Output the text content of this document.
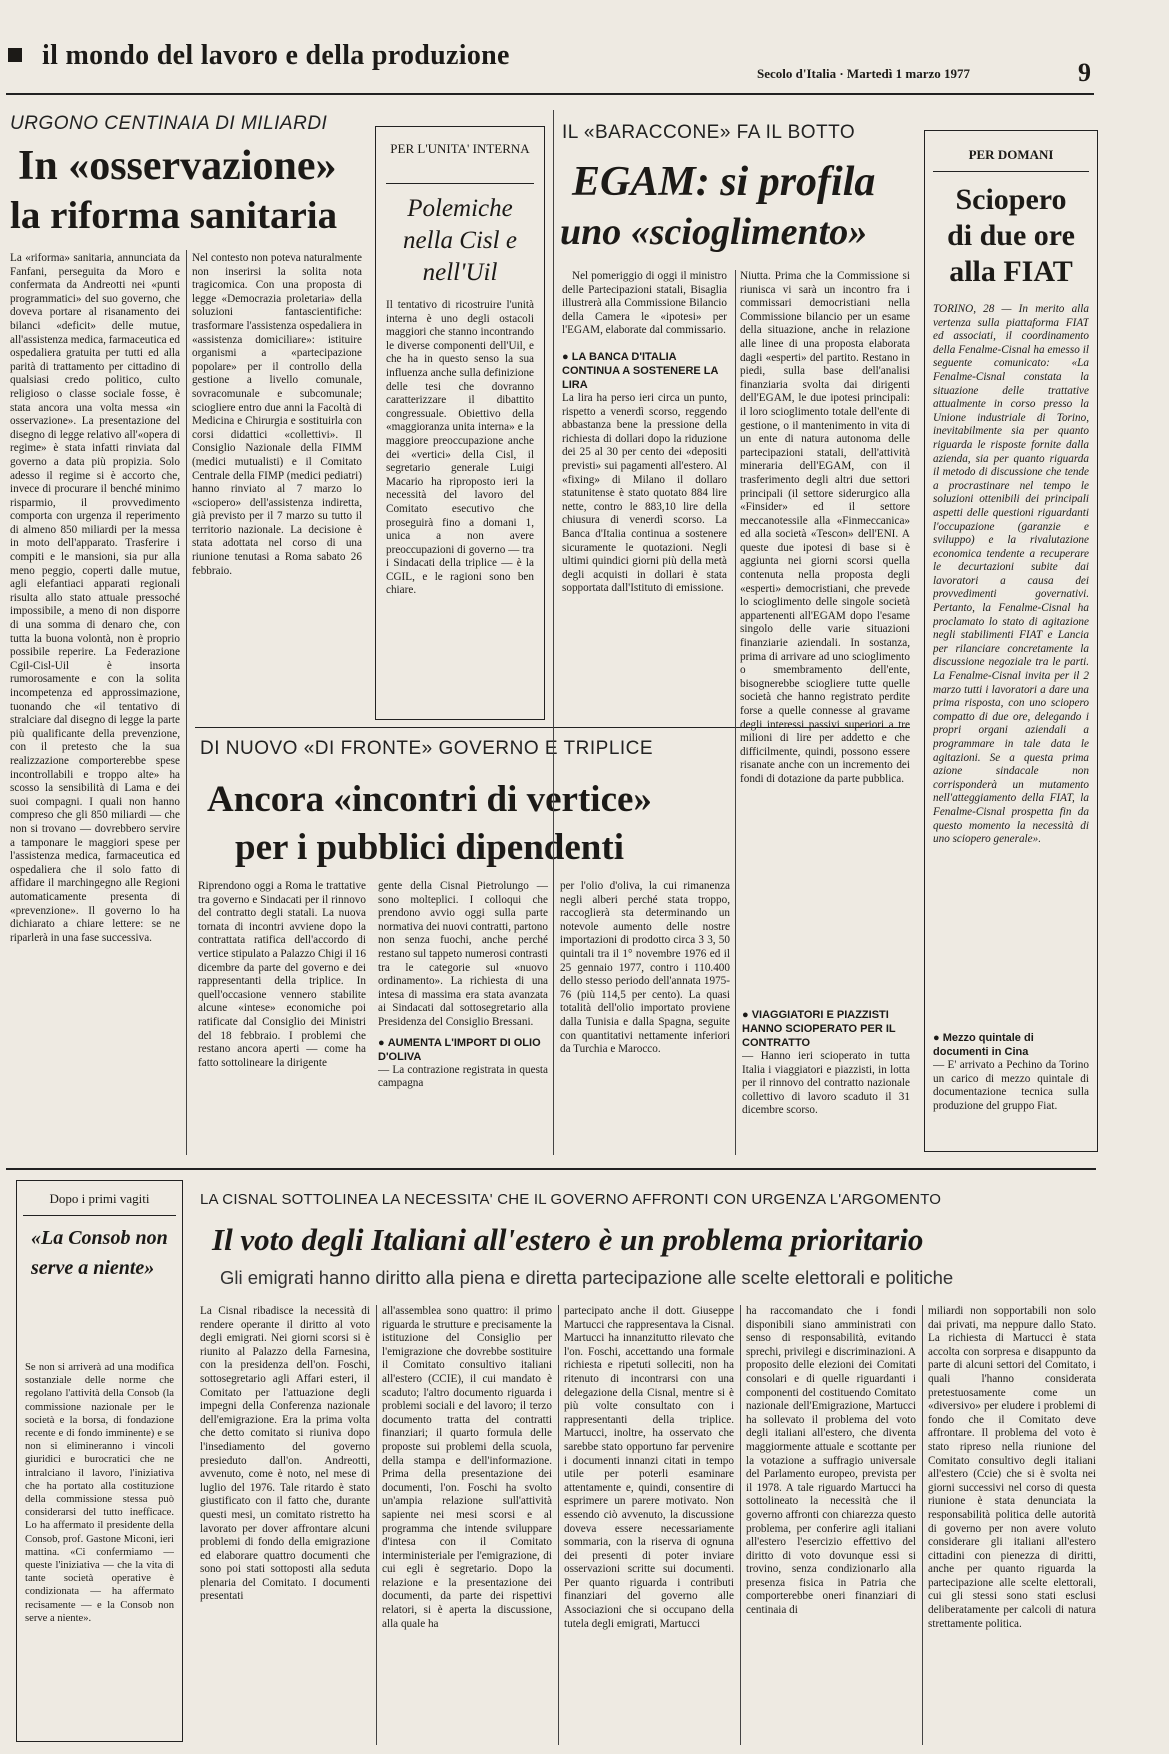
il mondo del lavoro e della produzione
Secolo d'Italia · Martedì 1 marzo 1977	9
URGONO CENTINAIA DI MILIARDI
In «osservazione»
la riforma sanitaria
La «riforma» sanitaria, annunciata da Fanfani, perseguita da Moro e confermata da Andreotti nei «punti programmatici» del suo governo, che doveva portare al risanamento dei bilanci «deficit» delle mutue, all'assistenza medica, farmaceutica ed ospedaliera gratuita per tutti ed alla parità di trattamento per cittadino di qualsiasi credo politico, culto religioso o classe sociale fosse, è stata ancora una volta messa «in osservazione». La presentazione del disegno di legge relativo all'«opera di regime» è stata infatti rinviata dal governo a data più propizia. Solo adesso il regime si è accorto che, invece di procurare il benché minimo risparmio, il provvedimento comporta con urgenza il reperimento di almeno 850 miliardi per la messa in moto dell'apparato. Trasferire i compiti e le mansioni, sia pur alla meno peggio, coperti dalle mutue, agli elefantiaci apparati regionali risulta allo stato attuale pressoché impossibile, a meno di non disporre di una somma di denaro che, con tutta la buona volontà, non è proprio possibile reperire. La Federazione Cgil-Cisl-Uil è insorta rumorosamente e con la solita incompetenza ed approssimazione, tuonando che «il tentativo di stralciare dal disegno di legge la parte più qualificante della prevenzione, con il pretesto che la sua realizzazione comporterebbe spese incontrollabili e troppo alte» ha scosso la sensibilità di Lama e dei suoi compagni. I quali non hanno compreso che gli 850 miliardi — che non si trovano — dovrebbero servire a tamponare le maggiori spese per l'assistenza medica, farmaceutica ed ospedaliera che il solo fatto di affidare il marchingegno alle Regioni automaticamente presenta di «prevenzione». Il governo lo ha dichiarato a chiare lettere: se ne riparlerà in una fase successiva.
Nel contesto non poteva naturalmente non inserirsi la solita nota tragicomica. Con una proposta di legge «Democrazia proletaria» della soluzioni fantascientifiche: trasformare l'assistenza ospedaliera in «assistenza domiciliare»: istituire organismi a «partecipazione popolare» per il controllo della gestione a livello comunale, sovracomunale e subcomunale; sciogliere entro due anni la Facoltà di Medicina e Chirurgia e sostituirla con corsi didattici «collettivi». Il Consiglio Nazionale della FIMM (medici mutualisti) e il Comitato Centrale della FIMP (medici pediatri) hanno rinviato al 7 marzo lo «sciopero» dell'assistenza indiretta, già previsto per il 7 marzo su tutto il territorio nazionale. La decisione è stata adottata nel corso di una riunione tenutasi a Roma sabato 26 febbraio.
PER L'UNITA' INTERNA
Polemiche nella Cisl e nell'Uil
Il tentativo di ricostruire l'unità interna è uno degli ostacoli maggiori che stanno incontrando le diverse componenti dell'Uil, e che ha in questo senso la sua influenza anche sulla definizione delle tesi che dovranno caratterizzare il dibattito congressuale. Obiettivo della «maggioranza unita interna» e la maggiore preoccupazione anche dei «vertici» della Cisl, il segretario generale Luigi Macario ha riproposto ieri la necessità del lavoro del Comitato esecutivo che proseguirà fino a domani 1, unica a non avere preoccupazioni di governo — tra i Sindacati della triplice — è la CGIL, e le ragioni sono ben chiare.
IL «BARACCONE» FA IL BOTTO
EGAM: si profila
uno «scioglimento»

Nel pomeriggio di oggi il ministro delle Partecipazioni statali, Bisaglia illustrerà alla Commissione Bilancio della Camera le «ipotesi» per l'EGAM, elaborate dal commissario.

● LA BANCA D'ITALIA CONTINUA A SOSTENERE LA LIRA

La lira ha perso ieri circa un punto, rispetto a venerdì scorso, reggendo abbastanza bene la pressione della richiesta di dollari dopo la riduzione dei 25 al 30 per cento dei «depositi previsti» sui pagamenti all'estero. Al «fixing» di Milano il dollaro statunitense è stato quotato 884 lire nette, contro le 883,10 lire della chiusura di venerdì scorso. La Banca d'Italia continua a sostenere sicuramente le quotazioni. Negli ultimi quindici giorni più della metà degli acquisti in dollari è stata sopportata dall'Istituto di emissione.

Niutta. Prima che la Commissione si riunisca vi sarà un incontro fra i commissari democristiani nella Commissione bilancio per un esame della situazione, anche in relazione alle linee di una proposta elaborata dagli «esperti» del partito. Restano in piedi, sulla base dell'analisi finanziaria svolta dai dirigenti dell'EGAM, le due ipotesi principali: il loro scioglimento totale dell'ente di gestione, o il mantenimento in vita di un ente di natura autonoma delle partecipazioni statali, dell'attività mineraria dell'EGAM, con il trasferimento degli altri due settori principali (il settore siderurgico alla «Finsider» ed il settore meccanotessile alla «Finmeccanica» ed alla società «Tescon» dell'ENI. A queste due ipotesi di base si è aggiunta nei giorni scorsi quella contenuta nella proposta degli «esperti» democristiani, che prevede lo scioglimento delle singole società appartenenti all'EGAM dopo l'esame singolo delle varie situazioni finanziarie aziendali. In sostanza, prima di arrivare ad uno scioglimento o smembramento dell'ente, bisognerebbe sciogliere tutte quelle società che hanno registrato perdite forse a quelle connesse al gravame degli interessi passivi superiori a tre milioni di lire per addetto e che difficilmente, quindi, possono essere risanate anche con un incremento dei fondi di dotazione da parte pubblica.
PER DOMANI
Sciopero
di due ore
alla FIAT
TORINO, 28 — In merito alla vertenza sulla piattaforma FIAT ed associati, il coordinamento della Fenalme-Cisnal ha emesso il seguente comunicato: «La Fenalme-Cisnal constata la situazione delle trattative attualmente in corso presso la Unione industriale di Torino, inevitabilmente sia per quanto riguarda le risposte fornite dalla azienda, sia per quanto riguarda il metodo di discussione che tende a procrastinare nel tempo le soluzioni ottenibili dei principali aspetti delle questioni riguardanti l'occupazione (garanzie e sviluppo) e la rivalutazione economica tendente a recuperare le decurtazioni subite dai lavoratori a causa dei provvedimenti governativi. Pertanto, la Fenalme-Cisnal ha proclamato lo stato di agitazione negli stabilimenti FIAT e Lancia per rilanciare concretamente la discussione negoziale tra le parti. La Fenalme-Cisnal invita per il 2 marzo tutti i lavoratori a dare una prima risposta, con uno sciopero compatto di due ore, delegando i propri organi aziendali a programmare in tale data le agitazioni. Se a questa prima azione sindacale non corrisponderà un mutamento nell'atteggiamento della FIAT, la Fenalme-Cisnal prospetta fin da questo momento la necessità di uno sciopero generale».
● Mezzo quintale di documenti in Cina

— E' arrivato a Pechino da Torino un carico di mezzo quintale di documentazione tecnica sulla produzione del gruppo Fiat.

DI NUOVO «DI FRONTE» GOVERNO E TRIPLICE
Ancora «incontri di vertice»
per i pubblici dipendenti
Riprendono oggi a Roma le trattative tra governo e Sindacati per il rinnovo del contratto degli statali. La nuova tornata di incontri avviene dopo la contrattata ratifica dell'accordo di vertice stipulato a Palazzo Chigi il 16 dicembre da parte del governo e dei rappresentanti della triplice. In quell'occasione vennero stabilite alcune «intese» economiche poi ratificate dal Consiglio dei Ministri del 18 febbraio. I problemi che restano ancora aperti — come ha fatto sottolineare la dirigente

gente della Cisnal Pietrolungo — sono molteplici. I colloqui che prendono avvio oggi sulla parte normativa dei nuovi contratti, partono non senza fuochi, anche perché restano sul tappeto numerosi contrasti tra le categorie sul «nuovo ordinamento». La richiesta di una intesa di massima era stata avanzata ai Sindacati dal sottosegretario alla Presidenza del Consiglio Bressani.

● AUMENTA L'IMPORT DI OLIO D'OLIVA

— La contrazione registrata in questa campagna

per l'olio d'oliva, la cui rimanenza negli alberi perché stata troppo, raccoglierà sta determinando un notevole aumento delle nostre importazioni di prodotto circa 3 3, 50 quintali tra il 1° novembre 1976 ed il 25 gennaio 1977, contro i 110.400 dello stesso periodo dell'annata 1975-76 (più 114,5 per cento). La quasi totalità dell'olio importato proviene dalla Tunisia e dalla Spagna, seguite con quantitativi nettamente inferiori da Turchia e Marocco.
● VIAGGIATORI E PIAZZISTI HANNO SCIOPERATO PER IL CONTRATTO

— Hanno ieri scioperato in tutta Italia i viaggiatori e piazzisti, in lotta per il rinnovo del contratto nazionale collettivo di lavoro scaduto il 31 dicembre scorso.

Dopo i primi vagiti
«La Consob non serve a niente»
Se non si arriverà ad una modifica sostanziale delle norme che regolano l'attività della Consob (la commissione nazionale per le società e la borsa, di fondazione recente e di fondo imminente) e se non si elimineranno i vincoli giuridici e burocratici che ne intralciano il lavoro, l'iniziativa che ha portato alla costituzione della commissione stessa può considerarsi del tutto inefficace. Lo ha affermato il presidente della Consob, prof. Gastone Miconi, ieri mattina. «Ci confermiamo — queste l'iniziativa — che la vita di tante società operative è condizionata — ha affermato recisamente — e la Consob non serve a niente».
LA CISNAL SOTTOLINEA LA NECESSITA' CHE IL GOVERNO AFFRONTI CON URGENZA L'ARGOMENTO
Il voto degli Italiani all'estero è un problema prioritario
Gli emigrati hanno diritto alla piena e diretta partecipazione alle scelte elettorali e politiche
La Cisnal ribadisce la necessità di rendere operante il diritto al voto degli emigrati. Nei giorni scorsi si è riunito al Palazzo della Farnesina, con la presidenza dell'on. Foschi, sottosegretario agli Affari esteri, il Comitato per l'attuazione degli impegni della Conferenza nazionale dell'emigrazione. Era la prima volta che detto comitato si riuniva dopo l'insediamento del governo presieduto dall'on. Andreotti, avvenuto, come è noto, nel mese di luglio del 1976. Tale ritardo è stato giustificato con il fatto che, durante questi mesi, un comitato ristretto ha lavorato per dover affrontare alcuni problemi di fondo della emigrazione ed elaborare quattro documenti che sono poi stati sottoposti alla seduta plenaria del Comitato. I documenti presentati
all'assemblea sono quattro: il primo riguarda le strutture e precisamente la istituzione del Consiglio per l'emigrazione che dovrebbe sostituire il Comitato consultivo italiani all'estero (CCIE), il cui mandato è scaduto; l'altro documento riguarda i problemi sociali e del lavoro; il terzo documento tratta del contratti finanziari; il quarto formula delle proposte sui problemi della scuola, della stampa e dell'informazione. Prima della presentazione dei documenti, l'on. Foschi ha svolto un'ampia relazione sull'attività sapiente nei mesi scorsi e al programma che intende sviluppare d'intesa con il Comitato interministeriale per l'emigrazione, di cui egli è segretario. Dopo la relazione e la presentazione dei documenti, da parte dei rispettivi relatori, si è aperta la discussione, alla quale ha
partecipato anche il dott. Giuseppe Martucci che rappresentava la Cisnal. Martucci ha innanzitutto rilevato che l'on. Foschi, accettando una formale richiesta e ripetuti solleciti, non ha ritenuto di incontrarsi con una delegazione della Cisnal, mentre si è più volte consultato con i rappresentanti della triplice. Martucci, inoltre, ha osservato che sarebbe stato opportuno far pervenire i documenti innanzi citati in tempo utile per poterli esaminare attentamente e, quindi, consentire di esprimere un parere motivato. Non essendo ciò avvenuto, la discussione doveva essere necessariamente sommaria, con la riserva di ognuna dei presenti di poter inviare osservazioni scritte sui documenti. Per quanto riguarda i contributi finanziari del governo alle Associazioni che si occupano della tutela degli emigrati, Martucci
ha raccomandato che i fondi disponibili siano amministrati con senso di responsabilità, evitando sprechi, privilegi e discriminazioni. A proposito delle elezioni dei Comitati consolari e di quelle riguardanti i componenti del costituendo Comitato nazionale dell'Emigrazione, Martucci ha sollevato il problema del voto degli italiani all'estero, che diventa maggiormente attuale e scottante per la votazione a suffragio universale del Parlamento europeo, prevista per il 1978. A tale riguardo Martucci ha sottolineato la necessità che il governo affronti con chiarezza questo problema, per conferire agli italiani all'estero l'esercizio effettivo del diritto di voto dovunque essi si trovino, senza condizionarlo alla presenza fisica in Patria che comporterebbe oneri finanziari di centinaia di
miliardi non sopportabili non solo dai privati, ma neppure dallo Stato. La richiesta di Martucci è stata accolta con sorpresa e disappunto da parte di alcuni settori del Comitato, i quali l'hanno considerata pretestuosamente come un «diversivo» per eludere i problemi di fondo che il Comitato deve affrontare. Il problema del voto è stato ripreso nella riunione del Comitato consultivo degli italiani all'estero (Ccie) che si è svolta nei giorni successivi nel corso di questa riunione è stata denunciata la responsabilità politica delle autorità di governo per non avere voluto considerare gli italiani all'estero cittadini con pienezza di diritti, anche per quanto riguarda la partecipazione alle scelte elettorali, cui gli stessi sono stati esclusi deliberatamente per calcoli di natura strettamente politica.
